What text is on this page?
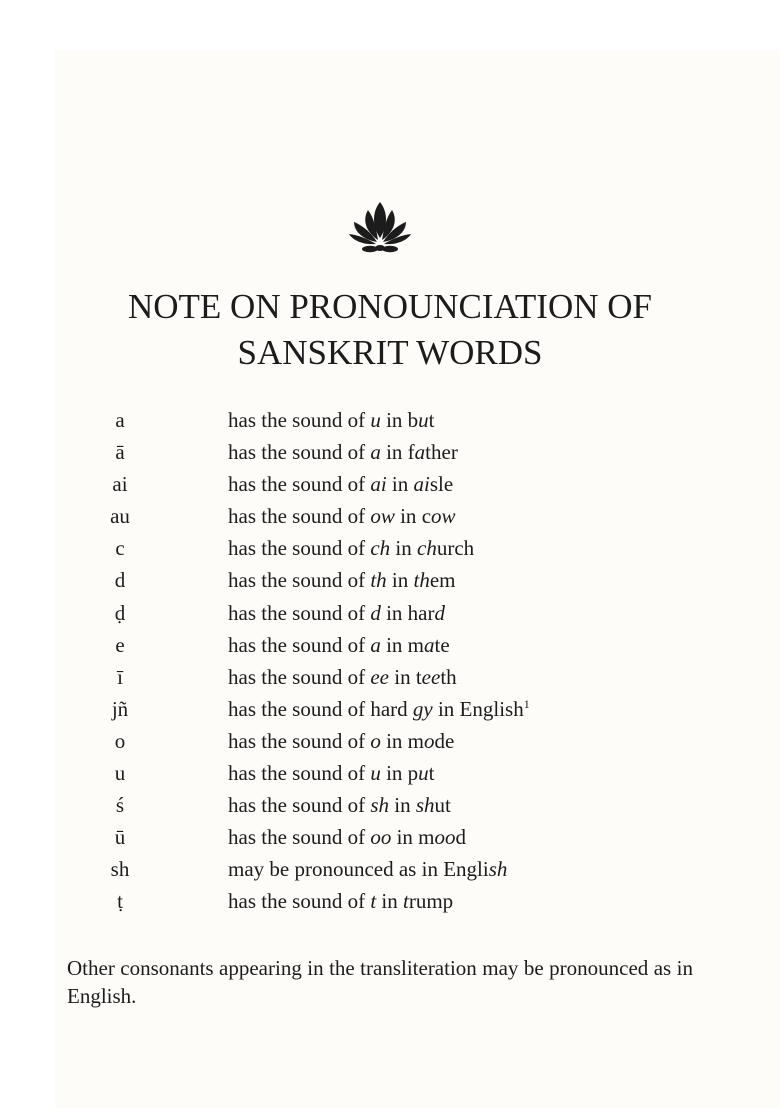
NOTE ON PRONOUNCIATION OF
SANSKRIT WORDS
a	has the sound of u in but
ā	has the sound of a in father
ai	has the sound of ai in aisle
au	has the sound of ow in cow
c	has the sound of ch in church
d	has the sound of th in them
ḍ	has the sound of d in hard
e	has the sound of a in mate
ī	has the sound of ee in teeth
jñ	has the sound of hard gy in English$^1$
o	has the sound of o in mode
u	has the sound of u in put
ś	has the sound of sh in shut
ū	has the sound of oo in mood
sh	may be pronounced as in English
ṭ	has the sound of t in trump

Other consonants appearing in the transliteration may be pronounced as in English.
